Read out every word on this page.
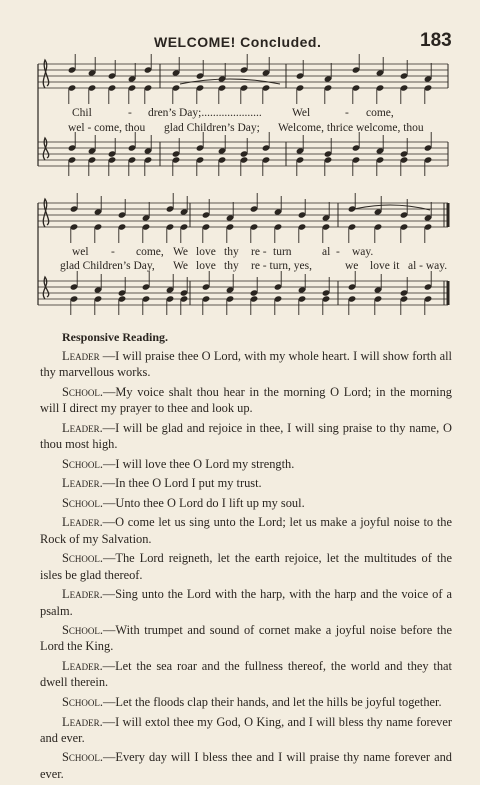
WELCOME! Concluded.	183
Chil	- dren’s Day;.....................	Wel	- come,
wel - come, thou glad Children’s Day; Welcome, thrice welcome, thou
wel - come, We love thy re - turn	al - way.
glad Children’s Day, We love thy re - turn, yes,	we love it al - way.
Responsive Reading.

Leader —I will praise thee O Lord, with my whole heart. I will show forth all thy marvellous works.

School.—My voice shalt thou hear in the morning O Lord; in the morning will I direct my prayer to thee and look up.

Leader.—I will be glad and rejoice in thee, I will sing praise to thy name, O thou most high.

School.—I will love thee O Lord my strength.

Leader.—In thee O Lord I put my trust.

School.—Unto thee O Lord do I lift up my soul.

Leader.—O come let us sing unto the Lord; let us make a joyful noise to the Rock of my Salvation.

School.—The Lord reigneth, let the earth rejoice, let the multitudes of the isles be glad thereof.

Leader.—Sing unto the Lord with the harp, with the harp and the voice of a psalm.

School.—With trumpet and sound of cornet make a joyful noise before the Lord the King.

Leader.—Let the sea roar and the fullness thereof, the world and they that dwell therein.

School.—Let the floods clap their hands, and let the hills be joyful together.

Leader.—I will extol thee my God, O King, and I will bless thy name forever and ever.

School.—Every day will I bless thee and I will praise thy name forever and ever.
